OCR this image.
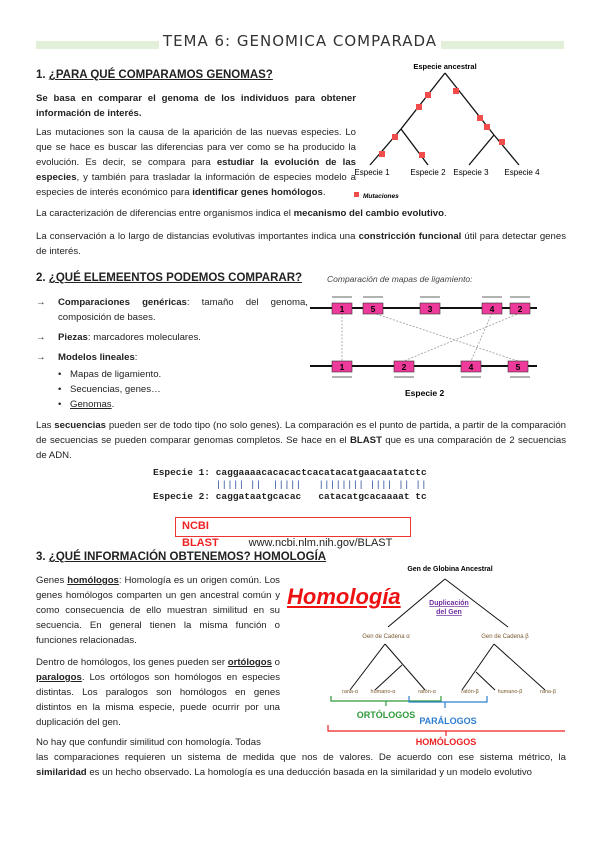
TEMA 6: GENOMICA COMPARADA
1. ¿PARA QUÉ COMPARAMOS GENOMAS?

Se basa en comparar el genoma de los individuos para obtener información de interés.

Las mutaciones son la causa de la aparición de las nuevas especies. Lo que se hace es buscar las diferencias para ver como se ha producido la evolución. Es decir, se compara para estudiar la evolución de las especies, y también para trasladar la información de especies modelo a especies de interés económico para identificar genes homólogos.

La caracterización de diferencias entre organismos indica el mecanismo del cambio evolutivo.

La conservación a lo largo de distancias evolutivas importantes indica una constricción funcional útil para detectar genes de interés.

2. ¿QUÉ ELEMEENTOS PODEMOS COMPARAR?
→ Comparaciones genéricas: tamaño del genoma, composición de bases.
→ Piezas: marcadores moleculares.
→ Modelos lineales:
• Mapas de ligamiento.
• Secuencias, genes…
• Genomas.

Las secuencias pueden ser de todo tipo (no solo genes). La comparación es el punto de partida, a partir de la comparación de secuencias se pueden comparar genomas completos. Se hace en el BLAST que es una comparación de 2 secuencias de ADN.

Especie 1: caggaaaacacacactcacatacatgaacaatatctc
||||| ||  |||||   |||||||| |||| || ||
Especie 2: caggataatgcacac   catacatgcacaaaat tc
NCBI BLAST	www.ncbi.nlm.nih.gov/BLAST
3. ¿QUÉ INFORMACIÓN OBTENEMOS? HOMOLOGÍA

Genes homólogos: Homología es un origen común. Los genes homólogos comparten un gen ancestral común y como consecuencia de ello muestran similitud en su secuencia. En general tienen la misma función o funciones relacionadas.

Dentro de homólogos, los genes pueden ser ortólogos o paralogos. Los ortólogos son homólogos en especies distintas. Los paralogos son homólogos en genes distintos en la misma especie, puede ocurrir por una duplicación del gen.

No hay que confundir similitud con homología. Todas

las comparaciones requieren un sistema de medida que nos de valores. De acuerdo con ese sistema métrico, la similaridad es un hecho observado. La homología es una deducción basada en la similaridad y un modelo evolutivo

Homología
Especie ancestral
Especie 1	Especie 2 Especie 3 Especie 4
Mutaciones
Comparación de mapas de ligamiento:
1	5	3	4	2
1	2	4	5
Especie 2
Gen de Globina Ancestral
Duplicación
del Gen
Gen de Cadena α	Gen de Cadena β
rana-α humano-α	ratón-α	ratón-β	humano-β	rana-β
ORTÓLOGOS
PARÁLOGOS
HOMÓLOGOS
